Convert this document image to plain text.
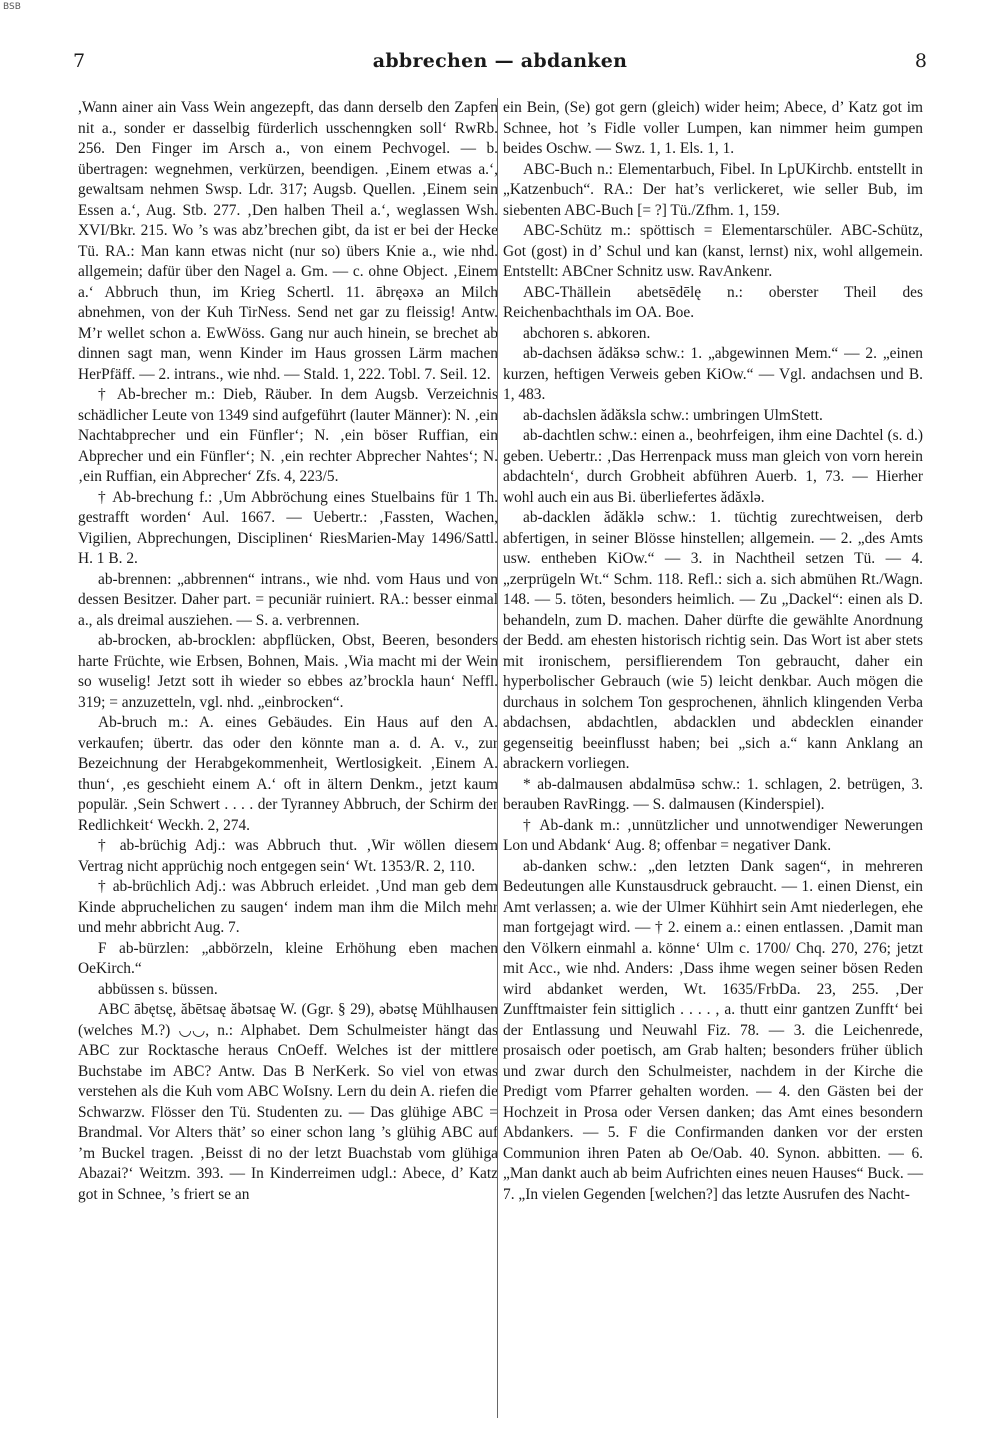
BSB
7	abbrechen — abdanken	8

,Wann ainer ain Vass Wein angezepft, das dann derselb den Zapfen nit a., sonder er dasselbig fürderlich usschenngken soll‘ RwRb. 256. Den Finger im Arsch a., von einem Pechvogel. — b. übertragen: wegnehmen, verkürzen, beendigen. ‚Einem etwas a.‘, gewaltsam nehmen Swsp. Ldr. 317; Augsb. Quellen. ‚Einem sein Essen a.‘, Aug. Stb. 277. ‚Den halben Theil a.‘, weglassen Wsh. XVI/Bkr. 215. Wo ’s was abz’brechen gibt, da ist er bei der Hecke Tü. RA.: Man kann etwas nicht (nur so) übers Knie a., wie nhd. allgemein; dafür über den Nagel a. Gm. — c. ohne Object. ‚Einem a.‘ Abbruch thun, im Krieg Schertl. 11. ābręəxə an Milch abnehmen, von der Kuh TirNess. Send net gar zu fleissig! Antw. M’r wellet schon a. EwWöss. Gang nur auch hinein, se brechet ab dinnen sagt man, wenn Kinder im Haus grossen Lärm machen HerPfäff. — 2. intrans., wie nhd. — Stald. 1, 222. Tobl. 7. Seil. 12.

† Ab-brecher m.: Dieb, Räuber. In dem Augsb. Verzeichnis schädlicher Leute von 1349 sind aufgeführt (lauter Männer): N. ‚ein Nachtabprecher und ein Fünfler‘; N. ‚ein böser Ruffian, ein Abprecher und ein Fünfler‘; N. ‚ein rechter Abprecher Nahtes‘; N. ‚ein Ruffian, ein Abprecher‘ Zfs. 4, 223/5.

† Ab-brechung f.: ‚Um Abbröchung eines Stuelbains für 1 Th. gestrafft worden‘ Aul. 1667. — Uebertr.: ‚Fassten, Wachen, Vigilien, Abprechungen, Disciplinen‘ RiesMarien-May 1496/Sattl. H. 1 B. 2.

ab-brennen: „abbrennen“ intrans., wie nhd. vom Haus und von dessen Besitzer. Daher part. = pecuniär ruiniert. RA.: besser einmal a., als dreimal ausziehen. — S. a. verbrennen.

ab-brocken, ab-brocklen: abpflücken, Obst, Beeren, besonders harte Früchte, wie Erbsen, Bohnen, Mais. ‚Wia macht mi der Wein so wuselig! Jetzt sott ih wieder so ebbes az’brockla haun‘ Neffl. 319; = anzuzetteln, vgl. nhd. „einbrocken“.

Ab-bruch m.: A. eines Gebäudes. Ein Haus auf den A. verkaufen; übertr. das oder den könnte man a. d. A. v., zur Bezeichnung der Herabgekommenheit, Wertlosigkeit. ‚Einem A. thun‘, ‚es geschieht einem A.‘ oft in ältern Denkm., jetzt kaum populär. ‚Sein Schwert . . . . der Tyranney Abbruch, der Schirm der Redlichkeit‘ Weckh. 2, 274.

† ab-brüchig Adj.: was Abbruch thut. ‚Wir wöllen diesem Vertrag nicht apprüchig noch entgegen sein‘ Wt. 1353/R. 2, 110.

† ab-brüchlich Adj.: was Abbruch erleidet. ‚Und man geb dem Kinde abpruchelichen zu saugen‘ indem man ihm die Milch mehr und mehr abbricht Aug. 7.

F ab-bürzlen: „abbörzeln, kleine Erhöhung eben machen OeKirch.“

abbüssen s. büssen.

ABC ābętsę, ăbētsaę ăbətsaę W. (Ggr. § 29), əbətsę Mühlhausen (welches M.?) ◡◡, n.: Alphabet. Dem Schulmeister hängt das ABC zur Rocktasche heraus CnOeff. Welches ist der mittlere Buchstabe im ABC? Antw. Das B NerKerk. So viel von etwas verstehen als die Kuh vom ABC WoIsny. Lern du dein A. riefen die Schwarzw. Flösser den Tü. Studenten zu. — Das glühige ABC = Brandmal. Vor Alters thät’ so einer schon lang ’s glühig ABC auf ’m Buckel tragen. ‚Beisst di no der letzt Buachstab vom glühiga Abazai?‘ Weitzm. 393. — In Kinderreimen udgl.: Abece, d’ Katz got in Schnee, ’s friert se an

ein Bein, (Se) got gern (gleich) wider heim; Abece, d’ Katz got im Schnee, hot ’s Fidle voller Lumpen, kan nimmer heim gumpen beides Oschw. — Swz. 1, 1. Els. 1, 1.

ABC-Buch n.: Elementarbuch, Fibel. In LpUKirchb. entstellt in „Katzenbuch“. RA.: Der hat’s verlickeret, wie seller Bub, im siebenten ABC-Buch [= ?] Tü./Zfhm. 1, 159.

ABC-Schütz m.: spöttisch = Elementarschüler. ABC-Schütz, Got (gost) in d’ Schul und kan (kanst, lernst) nix, wohl allgemein. Entstellt: ABCner Schnitz usw. RavAnkenr.

ABC-Thällein abetsēdēlę n.: oberster Theil des Reichenbachthals im OA. Boe.

abchoren s. abkoren.

ab-dachsen ădăksə schw.: 1. „abgewinnen Mem.“ — 2. „einen kurzen, heftigen Verweis geben KiOw.“ — Vgl. andachsen und B. 1, 483.

ab-dachslen ădăksla schw.: umbringen UlmStett.

ab-dachtlen schw.: einen a., beohrfeigen, ihm eine Dachtel (s. d.) geben. Uebertr.: ‚Das Herrenpack muss man gleich von vorn herein abdachteln‘, durch Grobheit abführen Auerb. 1, 73. — Hierher wohl auch ein aus Bi. überliefertes ădăxlə.

ab-dacklen ădăklə schw.: 1. tüchtig zurechtweisen, derb abfertigen, in seiner Blösse hinstellen; allgemein. — 2. „des Amts usw. entheben KiOw.“ — 3. in Nachtheil setzen Tü. — 4. „zerprügeln Wt.“ Schm. 118. Refl.: sich a. sich abmühen Rt./Wagn. 148. — 5. töten, besonders heimlich. — Zu „Dackel“: einen als D. behandeln, zum D. machen. Daher dürfte die gewählte Anordnung der Bedd. am ehesten historisch richtig sein. Das Wort ist aber stets mit ironischem, persiflierendem Ton gebraucht, daher ein hyperbolischer Gebrauch (wie 5) leicht denkbar. Auch mögen die durchaus in solchem Ton gesprochenen, ähnlich klingenden Verba abdachsen, abdachtlen, abdacklen und abdecklen einander gegenseitig beeinflusst haben; bei „sich a.“ kann Anklang an abrackern vorliegen.

* ab-dalmausen abdalmūsə schw.: 1. schlagen, 2. betrügen, 3. berauben RavRingg. — S. dalmausen (Kinderspiel).

† Ab-dank m.: ‚unnützlicher und unnotwendiger Newerungen Lon und Abdank‘ Aug. 8; offenbar = negativer Dank.

ab-danken schw.: „den letzten Dank sagen“, in mehreren Bedeutungen alle Kunstausdruck gebraucht. — 1. einen Dienst, ein Amt verlassen; a. wie der Ulmer Kühhirt sein Amt niederlegen, ehe man fortgejagt wird. — † 2. einem a.: einen entlassen. ‚Damit man den Völkern einmahl a. könne‘ Ulm c. 1700/ Chq. 270, 276; jetzt mit Acc., wie nhd. Anders: ‚Dass ihme wegen seiner bösen Reden wird abdanket werden, Wt. 1635/FrbDa. 23, 255. ‚Der Zunfftmaister fein sittiglich . . . . , a. thutt einr gantzen Zunfft‘ bei der Entlassung und Neuwahl Fiz. 78. — 3. die Leichenrede, prosaisch oder poetisch, am Grab halten; besonders früher üblich und zwar durch den Schulmeister, nachdem in der Kirche die Predigt vom Pfarrer gehalten worden. — 4. den Gästen bei der Hochzeit in Prosa oder Versen danken; das Amt eines besondern Abdankers. — 5. F die Confirmanden danken vor der ersten Communion ihren Paten ab Oe/Oab. 40. Synon. abbitten. — 6. „Man dankt auch ab beim Aufrichten eines neuen Hauses“ Buck. — 7. „In vielen Gegenden [welchen?] das letzte Ausrufen des Nacht-
